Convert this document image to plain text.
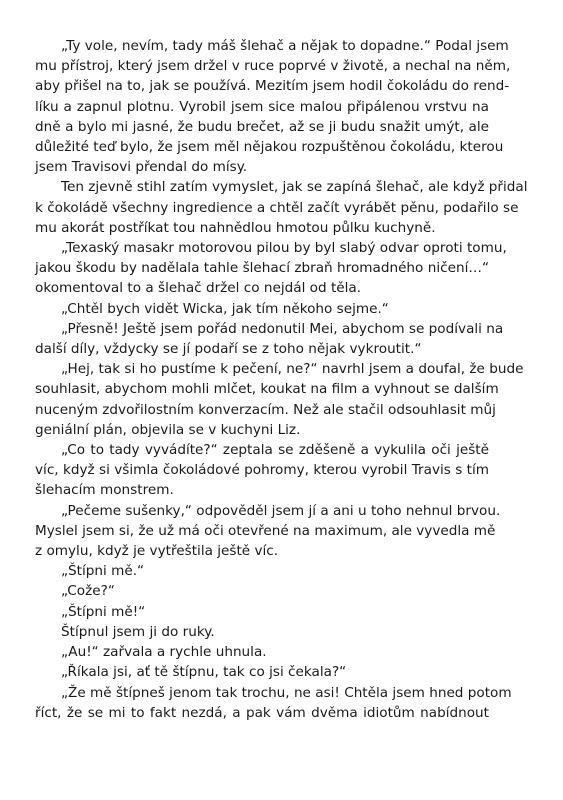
„Ty vole, nevím, tady máš šlehač a nějak to dopadne.“ Podal jsem
mu přístroj, který jsem držel v ruce poprvé v životě, a nechal na něm,
aby přišel na to, jak se používá. Mezitím jsem hodil čokoládu do rend-
líku a zapnul plotnu. Vyrobil jsem sice malou připálenou vrstvu na
dně a bylo mi jasné, že budu brečet, až se ji budu snažit umýt, ale
důležité teď bylo, že jsem měl nějakou rozpuštěnou čokoládu, kterou
jsem Travisovi přendal do mísy.

Ten zjevně stihl zatím vymyslet, jak se zapíná šlehač, ale když přidal
k čokoládě všechny ingredience a chtěl začít vyrábět pěnu, podařilo se
mu akorát postříkat tou nahnědlou hmotou půlku kuchyně.

„Texaský masakr motorovou pilou by byl slabý odvar oproti tomu,
jakou škodu by nadělala tahle šlehací zbraň hromadného ničení…“
okomentoval to a šlehač držel co nejdál od těla.

„Chtěl bych vidět Wicka, jak tím někoho sejme.“

„Přesně! Ještě jsem pořád nedonutil Mei, abychom se podívali na
další díly, vždycky se jí podaří se z toho nějak vykroutit.“

„Hej, tak si ho pustíme k pečení, ne?“ navrhl jsem a doufal, že bude
souhlasit, abychom mohli mlčet, koukat na film a vyhnout se dalším
nuceným zdvořilostním konverzacím. Než ale stačil odsouhlasit můj
geniální plán, objevila se v kuchyni Liz.

„Co to tady vyvádíte?“ zeptala se zděšeně a vykulila oči ještě
víc, když si všimla čokoládové pohromy, kterou vyrobil Travis s tím
šlehacím monstrem.

„Pečeme sušenky,“ odpověděl jsem jí a ani u toho nehnul brvou.
Myslel jsem si, že už má oči otevřené na maximum, ale vyvedla mě
z omylu, když je vytřeštila ještě víc.

„Štípni mě.“

„Cože?“

„Štípni mě!“

Štípnul jsem ji do ruky.

„Au!“ zařvala a rychle uhnula.

„Říkala jsi, ať tě štípnu, tak co jsi čekala?“

„Že mě štípneš jenom tak trochu, ne asi! Chtěla jsem hned potom
říct, že se mi to fakt nezdá, a pak vám dvěma idiotům nabídnout
